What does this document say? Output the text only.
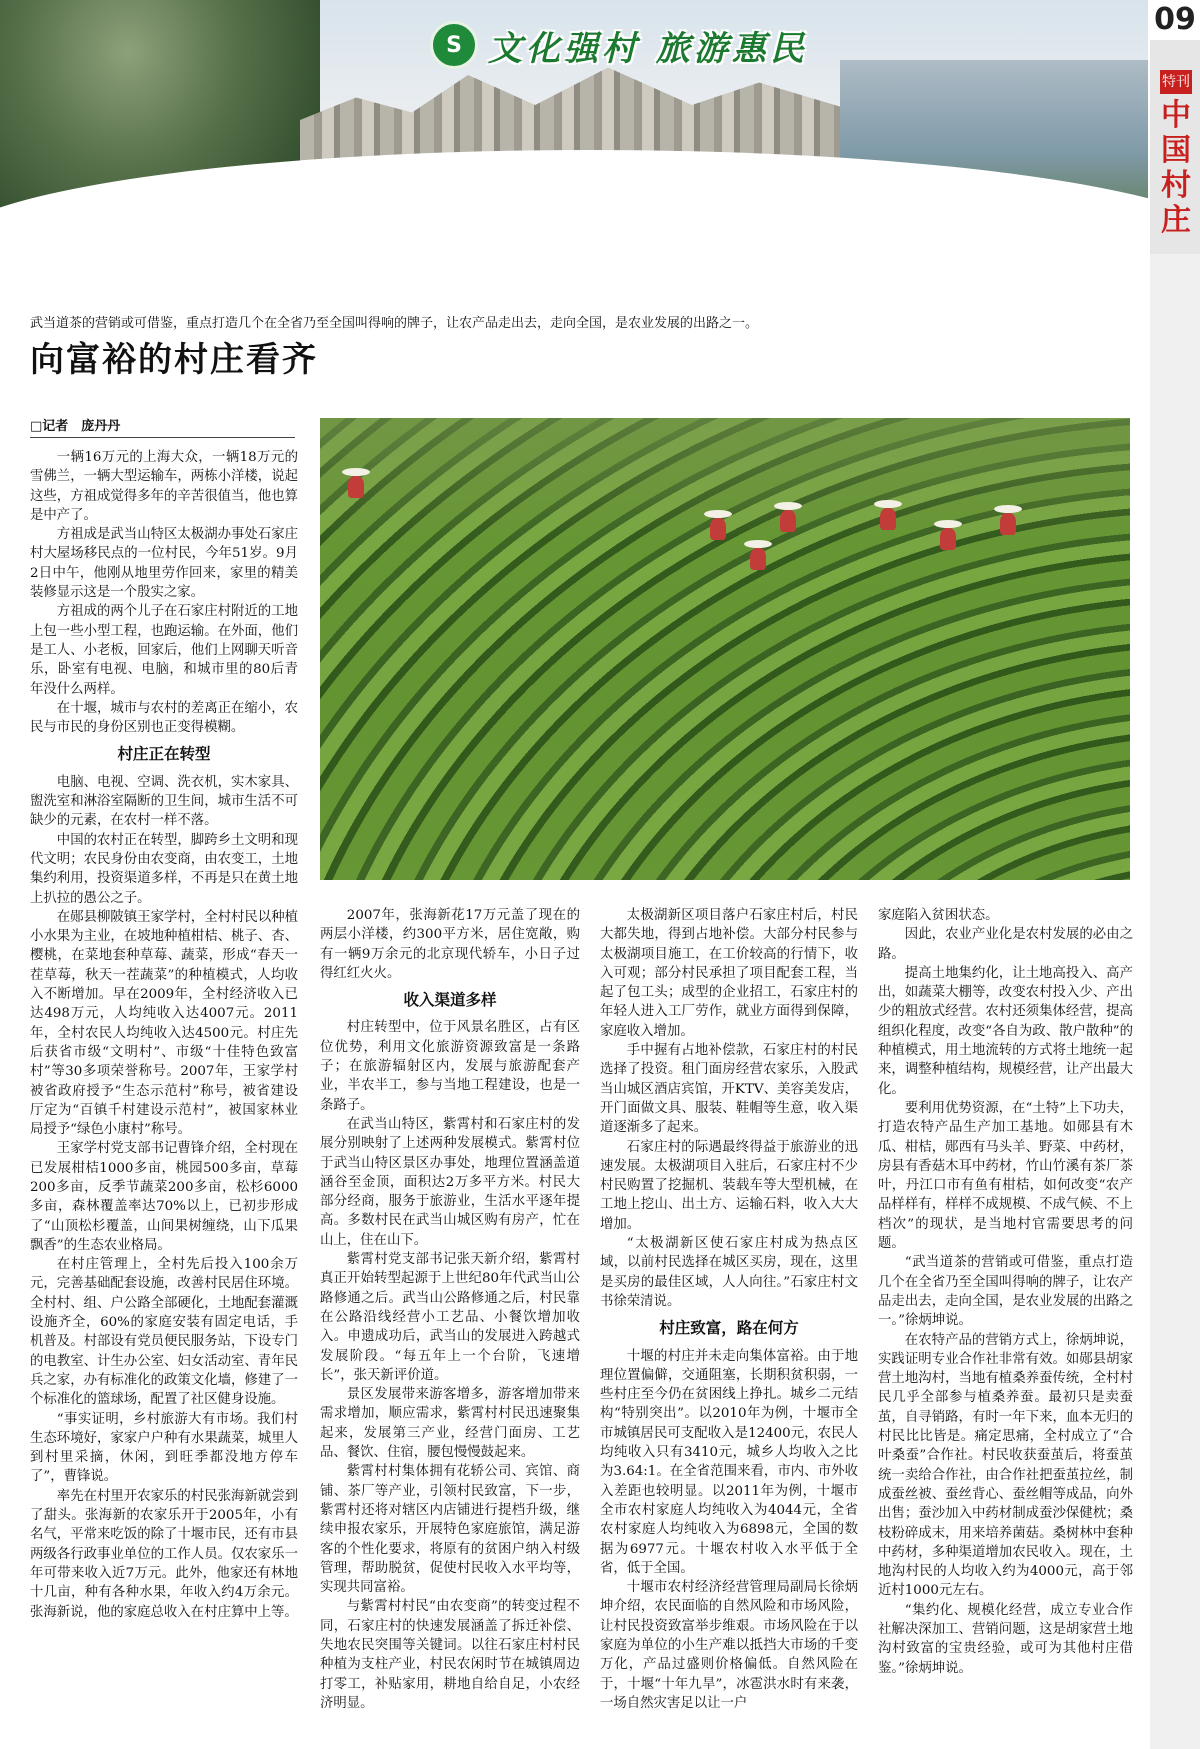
S 文化强村 旅游惠民
09
特刊
中国村庄
武当道茶的营销或可借鉴，重点打造几个在全省乃至全国叫得响的牌子，让农产品走出去，走向全国，是农业发展的出路之一。
向富裕的村庄看齐
□记者　庞丹丹

一辆16万元的上海大众，一辆18万元的雪佛兰，一辆大型运输车，两栋小洋楼，说起这些，方祖成觉得多年的辛苦很值当，他也算是中产了。

方祖成是武当山特区太极湖办事处石家庄村大屋场移民点的一位村民，今年51岁。9月2日中午，他刚从地里劳作回来，家里的精美装修显示这是一个殷实之家。

方祖成的两个儿子在石家庄村附近的工地上包一些小型工程，也跑运输。在外面，他们是工人、小老板，回家后，他们上网聊天听音乐，卧室有电视、电脑，和城市里的80后青年没什么两样。

在十堰，城市与农村的差离正在缩小，农民与市民的身份区别也正变得模糊。

村庄正在转型

电脑、电视、空调、洗衣机，实木家具、盥洗室和淋浴室隔断的卫生间，城市生活不可缺少的元素，在农村一样不落。

中国的农村正在转型，脚跨乡土文明和现代文明；农民身份由农变商，由农变工，土地集约利用，投资渠道多样，不再是只在黄土地上扒拉的愚公之子。

在郧县柳陂镇王家学村，全村村民以种植小水果为主业，在坡地种植柑桔、桃子、杏、樱桃，在菜地套种草莓、蔬菜，形成“春天一茬草莓，秋天一茬蔬菜”的种植模式，人均收入不断增加。早在2009年，全村经济收入已达498万元，人均纯收入达4007元。2011年，全村农民人均纯收入达4500元。村庄先后获省市级“文明村”、市级“十佳特色致富村”等30多项荣誉称号。2007年，王家学村被省政府授予“生态示范村”称号，被省建设厅定为“百镇千村建设示范村”，被国家林业局授予“绿色小康村”称号。

王家学村党支部书记曹锋介绍，全村现在已发展柑桔1000多亩，桃园500多亩，草莓200多亩，反季节蔬菜200多亩，松杉6000多亩，森林覆盖率达70%以上，已初步形成了“山顶松杉覆盖，山间果树缠绕，山下瓜果飘香”的生态农业格局。

在村庄管理上，全村先后投入100余万元，完善基础配套设施，改善村民居住环境。全村村、组、户公路全部硬化，土地配套灌溉设施齐全，60%的家庭安装有固定电话，手机普及。村部设有党员便民服务站，下设专门的电教室、计生办公室、妇女活动室、青年民兵之家，办有标准化的政策文化墙，修建了一个标准化的篮球场，配置了社区健身设施。

“事实证明，乡村旅游大有市场。我们村生态环境好，家家户户种有水果蔬菜，城里人到村里采摘，休闲，到旺季都没地方停车了”，曹锋说。

率先在村里开农家乐的村民张海新就尝到了甜头。张海新的农家乐开于2005年，小有名气，平常来吃饭的除了十堰市民，还有市县两级各行政事业单位的工作人员。仅农家乐一年可带来收入近7万元。此外，他家还有林地十几亩，种有各种水果，年收入约4万余元。张海新说，他的家庭总收入在村庄算中上等。

2007年，张海新花17万元盖了现在的两层小洋楼，约300平方米，居住宽敞，购有一辆9万余元的北京现代轿车，小日子过得红红火火。

收入渠道多样

村庄转型中，位于风景名胜区，占有区位优势，利用文化旅游资源致富是一条路子；在旅游辐射区内，发展与旅游配套产业，半农半工，参与当地工程建设，也是一条路子。

在武当山特区，紫霄村和石家庄村的发展分别映射了上述两种发展模式。紫霄村位于武当山特区景区办事处，地理位置涵盖道涵谷至金顶，面积达2万多平方米。村民大部分经商，服务于旅游业，生活水平逐年提高。多数村民在武当山城区购有房产，忙在山上，住在山下。

紫霄村党支部书记张天新介绍，紫霄村真正开始转型起源于上世纪80年代武当山公路修通之后。武当山公路修通之后，村民靠在公路沿线经营小工艺品、小餐饮增加收入。申遗成功后，武当山的发展进入跨越式发展阶段。“每五年上一个台阶，飞速增长”，张天新评价道。

景区发展带来游客增多，游客增加带来需求增加，顺应需求，紫霄村村民迅速聚集起来，发展第三产业，经营门面房、工艺品、餐饮、住宿，腰包慢慢鼓起来。

紫霄村村集体拥有花轿公司、宾馆、商铺、茶厂等产业，引领村民致富，下一步，紫霄村还将对辖区内店铺进行提档升级，继续申报农家乐，开展特色家庭旅馆，满足游客的个性化要求，将原有的贫困户纳入村级管理，帮助脱贫，促使村民收入水平均等，实现共同富裕。

与紫霄村村民“由农变商”的转变过程不同，石家庄村的快速发展涵盖了拆迁补偿、失地农民突围等关键词。以往石家庄村村民种植为支柱产业，村民农闲时节在城镇周边打零工，补贴家用，耕地自给自足，小农经济明显。

太极湖新区项目落户石家庄村后，村民大都失地，得到占地补偿。大部分村民参与太极湖项目施工，在工价较高的行情下，收入可观；部分村民承担了项目配套工程，当起了包工头；成型的企业招工，石家庄村的年轻人进入工厂劳作，就业方面得到保障，家庭收入增加。

手中握有占地补偿款，石家庄村的村民选择了投资。租门面房经营农家乐，入股武当山城区酒店宾馆，开KTV、美容美发店，开门面做文具、服装、鞋帽等生意，收入渠道逐渐多了起来。

石家庄村的际遇最终得益于旅游业的迅速发展。太极湖项目入驻后，石家庄村不少村民购置了挖掘机、装载车等大型机械，在工地上挖山、出土方、运输石料，收入大大增加。

“太极湖新区使石家庄村成为热点区域，以前村民选择在城区买房，现在，这里是买房的最佳区域，人人向往。”石家庄村文书徐荣清说。

村庄致富，路在何方

十堰的村庄并未走向集体富裕。由于地理位置偏僻，交通阻塞，长期积贫积弱，一些村庄至今仍在贫困线上挣扎。城乡二元结构“特别突出”。以2010年为例，十堰市全市城镇居民可支配收入是12400元，农民人均纯收入只有3410元，城乡人均收入之比为3.64:1。在全省范围来看，市内、市外收入差距也较明显。以2011年为例，十堰市全市农村家庭人均纯收入为4044元，全省农村家庭人均纯收入为6898元，全国的数据为6977元。十堰农村收入水平低于全省，低于全国。

十堰市农村经济经营管理局副局长徐炳坤介绍，农民面临的自然风险和市场风险，让村民投资致富举步维艰。市场风险在于以家庭为单位的小生产难以抵挡大市场的千变万化，产品过盛则价格偏低。自然风险在于，十堰“十年九旱”，冰雹洪水时有来袭，一场自然灾害足以让一户

家庭陷入贫困状态。

因此，农业产业化是农村发展的必由之路。

提高土地集约化，让土地高投入、高产出，如蔬菜大棚等，改变农村投入少、产出少的粗放式经营。农村还须集体经营，提高组织化程度，改变“各自为政、散户散种”的种植模式，用土地流转的方式将土地统一起来，调整种植结构，规模经营，让产出最大化。

要利用优势资源，在“土特”上下功夫，打造农特产品生产加工基地。如郧县有木瓜、柑桔，郧西有马头羊、野菜、中药材，房县有香菇木耳中药材，竹山竹溪有茶厂茶叶，丹江口市有鱼有柑桔，如何改变“农产品样样有，样样不成规模、不成气候、不上档次”的现状，是当地村官需要思考的问题。

“武当道茶的营销或可借鉴，重点打造几个在全省乃至全国叫得响的牌子，让农产品走出去，走向全国，是农业发展的出路之一。”徐炳坤说。

在农特产品的营销方式上，徐炳坤说，实践证明专业合作社非常有效。如郧县胡家营土地沟村，当地有植桑养蚕传统，全村村民几乎全部参与植桑养蚕。最初只是卖蚕茧，自寻销路，有时一年下来，血本无归的村民比比皆是。痛定思痛，全村成立了“合叶桑蚕”合作社。村民收获蚕茧后，将蚕茧统一卖给合作社，由合作社把蚕茧拉丝，制成蚕丝被、蚕丝背心、蚕丝帽等成品，向外出售；蚕沙加入中药材制成蚕沙保健枕；桑枝粉碎成末，用来培养菌菇。桑树林中套种中药材，多种渠道增加农民收入。现在，土地沟村民的人均收入约为4000元，高于邻近村1000元左右。

“集约化、规模化经营，成立专业合作社解决深加工、营销问题，这是胡家营土地沟村致富的宝贵经验，或可为其他村庄借鉴。”徐炳坤说。
